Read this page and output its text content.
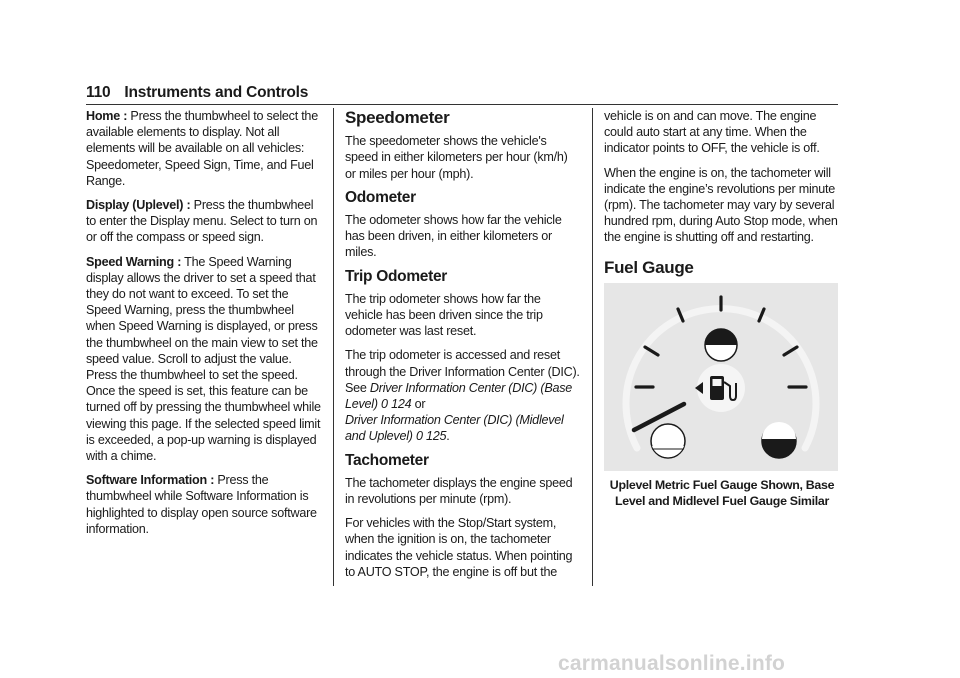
110 Instruments and Controls

Home : Press the thumbwheel to select the available elements to display. Not all elements will be available on all vehicles: Speedometer, Speed Sign, Time, and Fuel Range.

Display (Uplevel) : Press the thumbwheel to enter the Display menu. Select to turn on or off the compass or speed sign.

Speed Warning : The Speed Warning display allows the driver to set a speed that they do not want to exceed. To set the Speed Warning, press the thumbwheel when Speed Warning is displayed, or press the thumbwheel on the main view to set the speed value. Scroll to adjust the value. Press the thumbwheel to set the speed. Once the speed is set, this feature can be turned off by pressing the thumbwheel while viewing this page. If the selected speed limit is exceeded, a pop-up warning is displayed with a chime.

Software Information : Press the thumbwheel while Software Information is highlighted to display open source software information.

Speedometer

The speedometer shows the vehicle's speed in either kilometers per hour (km/h) or miles per hour (mph).

Odometer

The odometer shows how far the vehicle has been driven, in either kilometers or miles.

Trip Odometer

The trip odometer shows how far the vehicle has been driven since the trip odometer was last reset.

The trip odometer is accessed and reset through the Driver Information Center (DIC). See Driver Information Center (DIC) (Base Level) 0 124 or
Driver Information Center (DIC) (Midlevel and Uplevel) 0 125.

Tachometer

The tachometer displays the engine speed in revolutions per minute (rpm).

For vehicles with the Stop/Start system, when the ignition is on, the tachometer indicates the vehicle status. When pointing to AUTO STOP, the engine is off but the

vehicle is on and can move. The engine could auto start at any time. When the indicator points to OFF, the vehicle is off.

When the engine is on, the tachometer will indicate the engine’s revolutions per minute (rpm). The tachometer may vary by several hundred rpm, during Auto Stop mode, when the engine is shutting off and restarting.

Fuel Gauge
Uplevel Metric Fuel Gauge Shown, Base Level and Midlevel Fuel Gauge Similar
carmanualsonline.info
